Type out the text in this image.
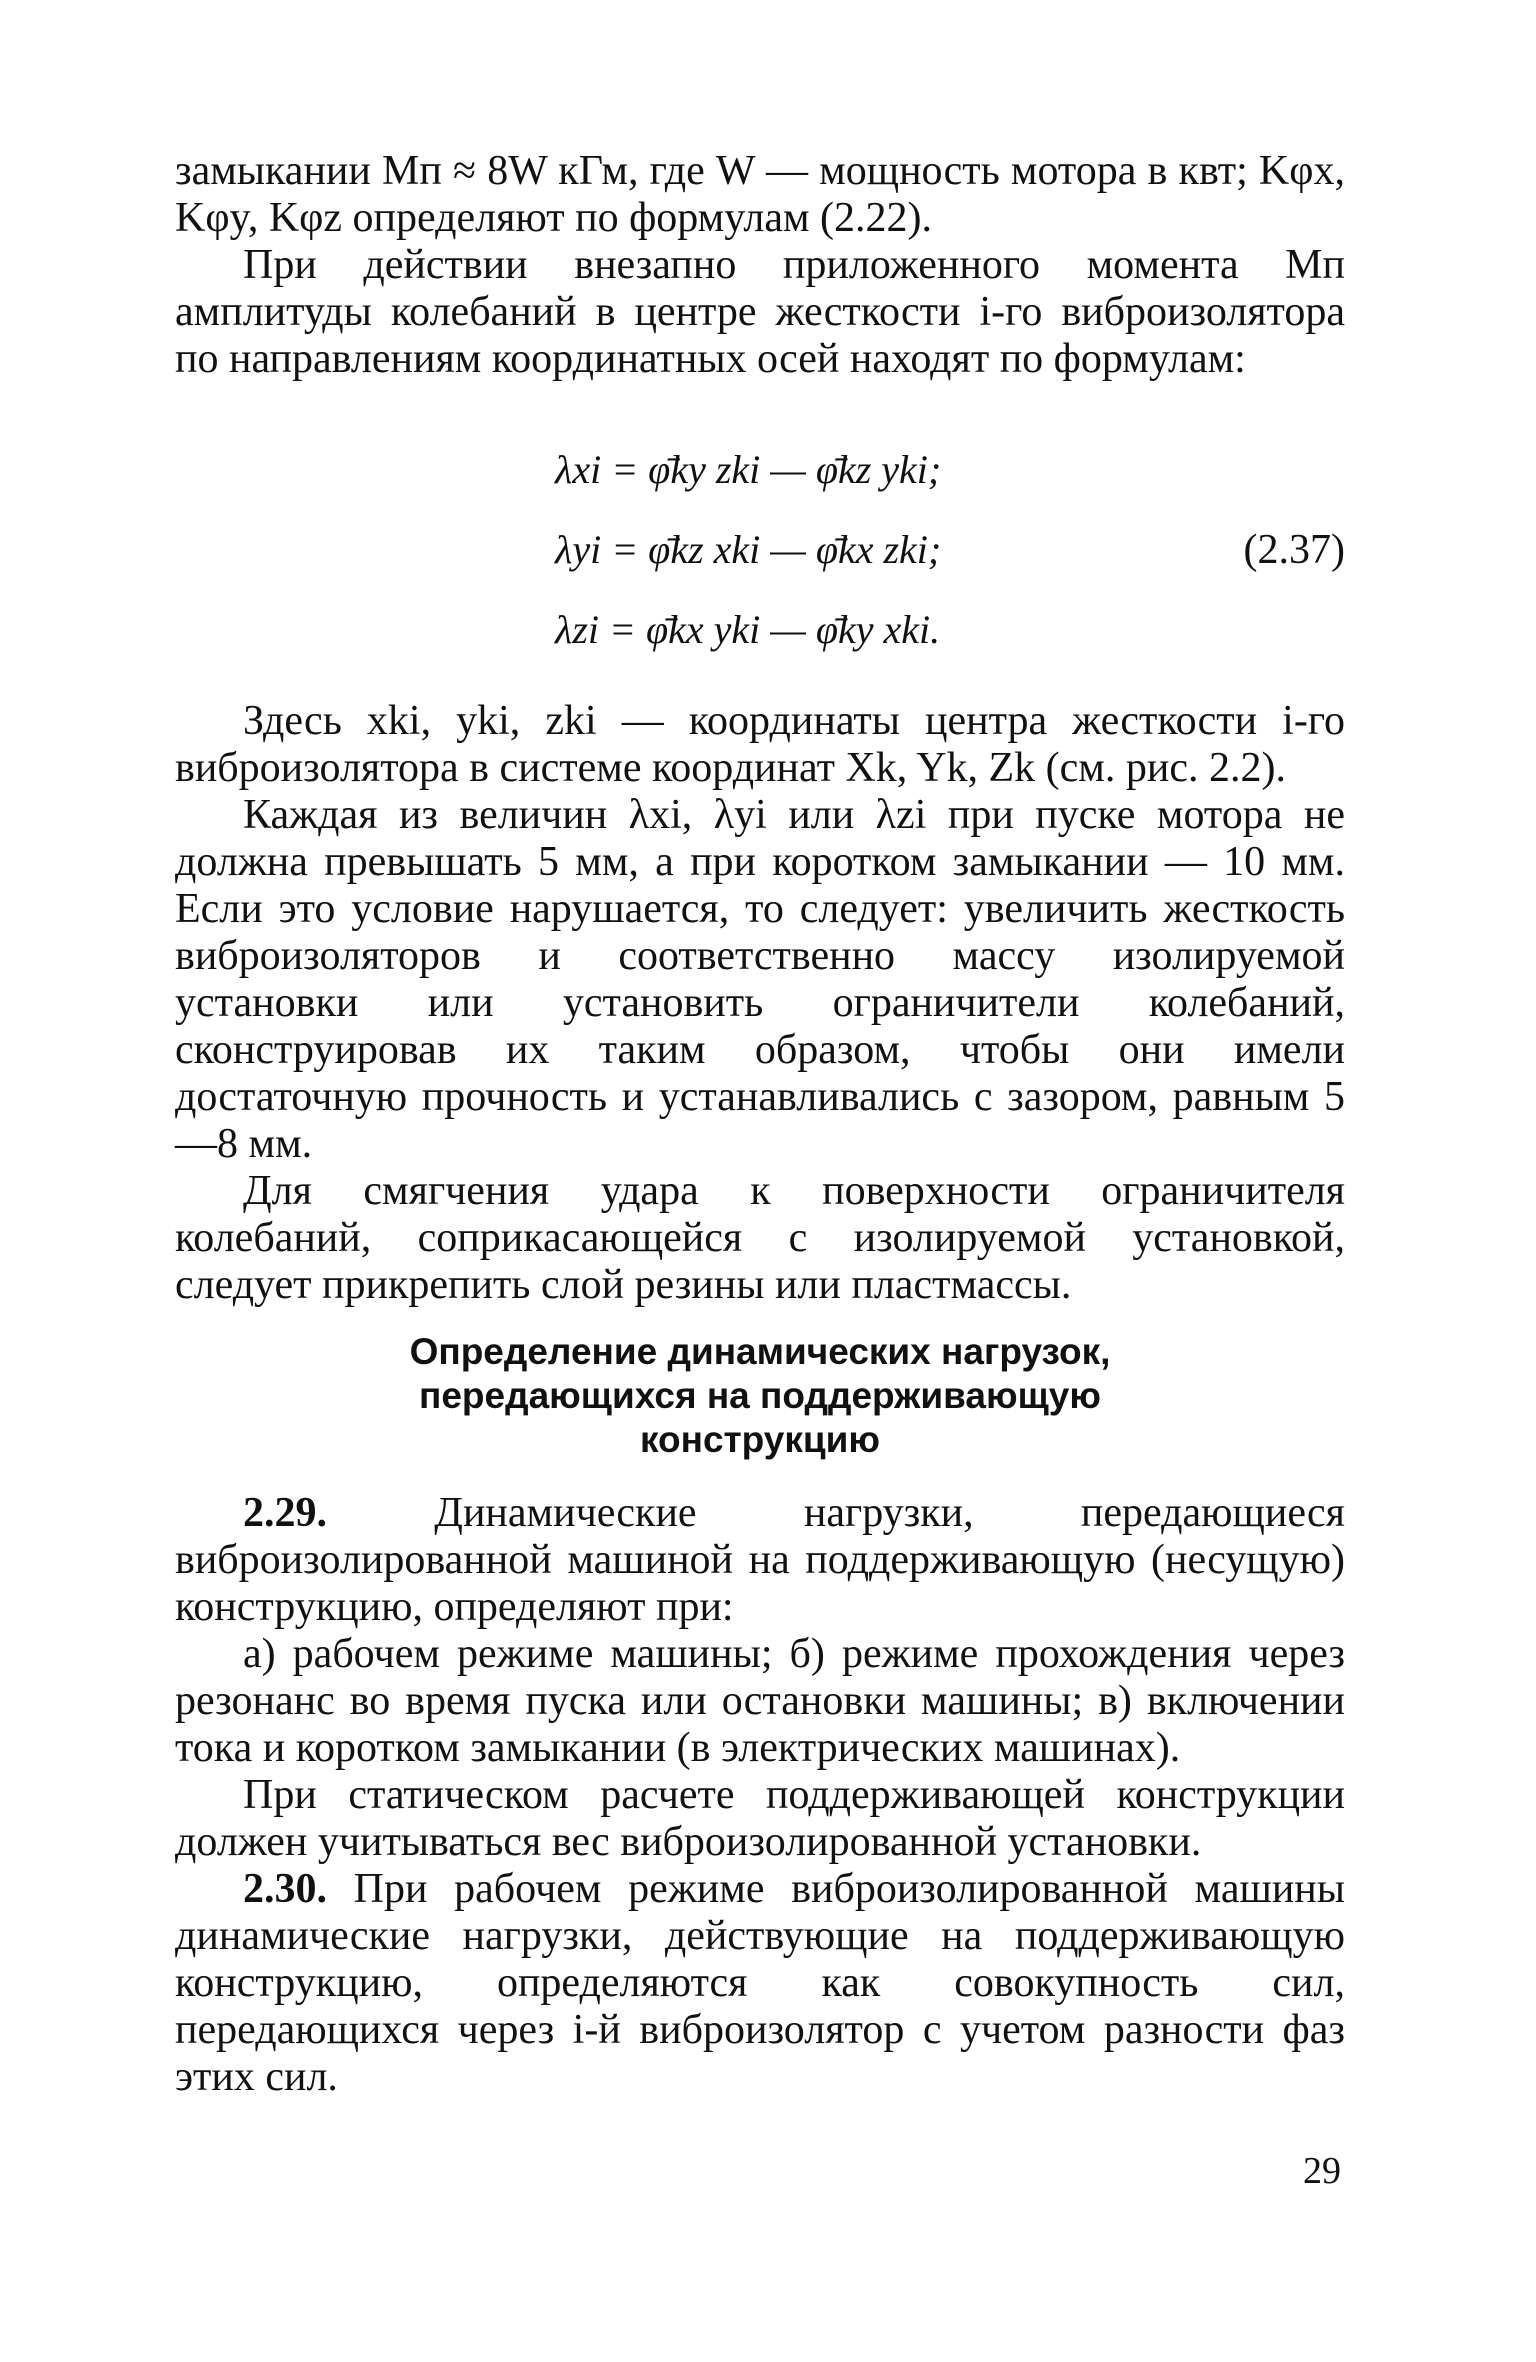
замыкании Mп ≈ 8W кГм, где W — мощность мотора в квт; Kφx, Kφy, Kφz определяют по формулам (2.22).

При действии внезапно приложенного момента Mп амплитуды колебаний в центре жесткости i-го виброизолятора по направлениям координатных осей находят по формулам:

λxi = φ̄ky zki — φ̄kz yki;
λyi = φ̄kz xki — φ̄kx zki;
λzi = φ̄kx yki — φ̄ky xki.
(2.37)

Здесь xki, yki, zki — координаты центра жесткости i-го виброизолятора в системе координат Xk, Yk, Zk (см. рис. 2.2).

Каждая из величин λxi, λyi или λzi при пуске мотора не должна превышать 5 мм, а при коротком замыкании — 10 мм. Если это условие нарушается, то следует: увеличить жесткость виброизоляторов и соответственно массу изолируемой установки или установить ограничители колебаний, сконструировав их таким образом, чтобы они имели достаточную прочность и устанавливались с зазором, равным 5—8 мм.

Для смягчения удара к поверхности ограничителя колебаний, соприкасающейся с изолируемой установкой, следует прикрепить слой резины или пластмассы.

Определение динамических нагрузок,
передающихся на поддерживающую
конструкцию

2.29. Динамические нагрузки, передающиеся виброизолированной машиной на поддерживающую (несущую) конструкцию, определяют при:

а) рабочем режиме машины; б) режиме прохождения через резонанс во время пуска или остановки машины; в) включении тока и коротком замыкании (в электрических машинах).

При статическом расчете поддерживающей конструкции должен учитываться вес виброизолированной установки.

2.30. При рабочем режиме виброизолированной машины динамические нагрузки, действующие на поддерживающую конструкцию, определяются как совокупность сил, передающихся через i-й виброизолятор с учетом разности фаз этих сил.

29
